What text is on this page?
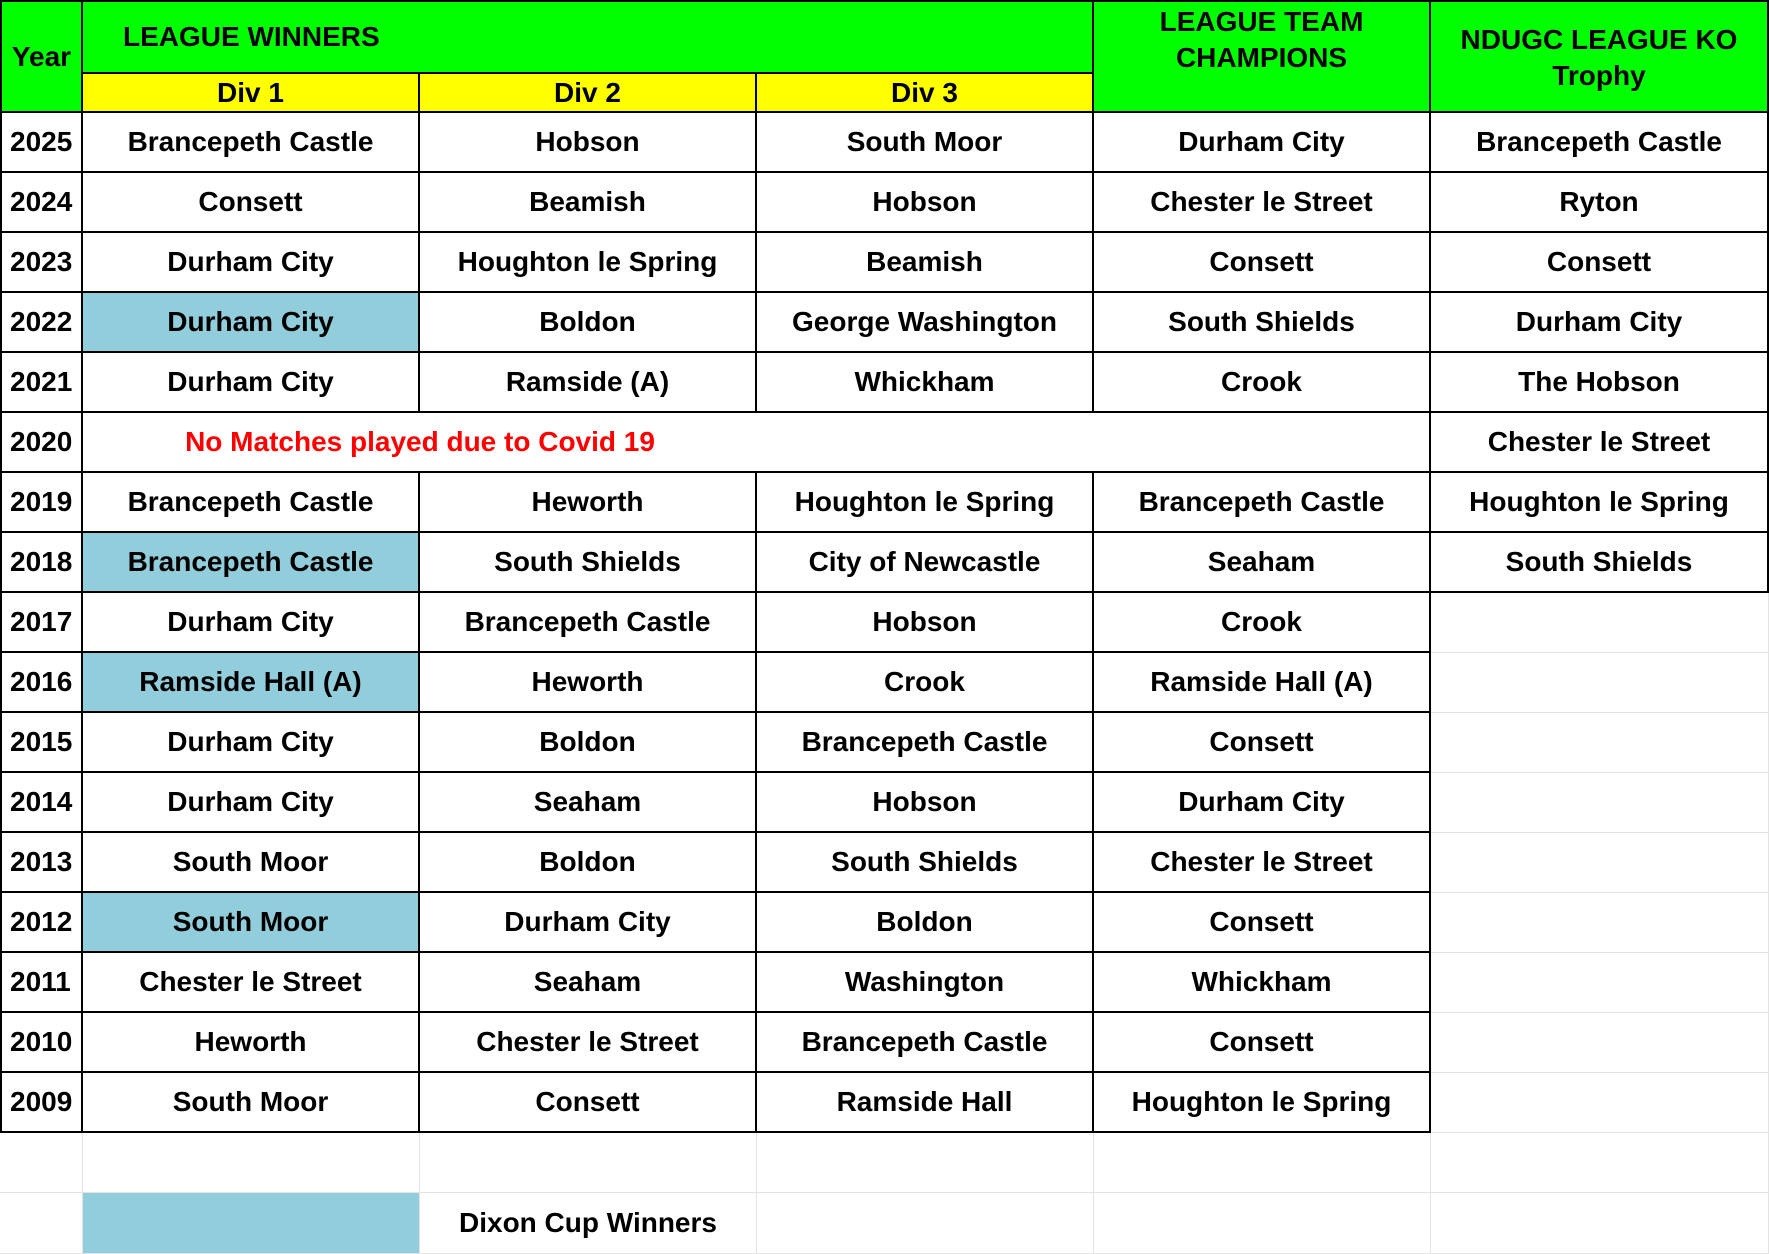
Year
LEAGUE WINNERS
Div 1	Div 2	Div 3
LEAGUE TEAM
CHAMPIONS
NDUGC LEAGUE KO
Trophy
2025	Brancepeth Castle	Hobson	South Moor	Durham City	Brancepeth Castle
2024	Consett	Beamish	Hobson	Chester le Street	Ryton
2023	Durham City	Houghton le Spring	Beamish	Consett	Consett
2022	Durham City	Boldon	George Washington	South Shields	Durham City
2021	Durham City	Ramside (A)	Whickham	Crook	The Hobson
2020	No Matches played due to Covid 19	Chester le Street
2019	Brancepeth Castle	Heworth	Houghton le Spring	Brancepeth Castle	Houghton le Spring
2018	Brancepeth Castle	South Shields	City of Newcastle	Seaham	South Shields
2017	Durham City	Brancepeth Castle	Hobson	Crook
2016	Ramside Hall (A)	Heworth	Crook	Ramside Hall (A)
2015	Durham City	Boldon	Brancepeth Castle	Consett
2014	Durham City	Seaham	Hobson	Durham City
2013	South Moor	Boldon	South Shields	Chester le Street
2012	South Moor	Durham City	Boldon	Consett
2011	Chester le Street	Seaham	Washington	Whickham
2010	Heworth	Chester le Street	Brancepeth Castle	Consett
2009	South Moor	Consett	Ramside Hall	Houghton le Spring
Dixon Cup Winners
